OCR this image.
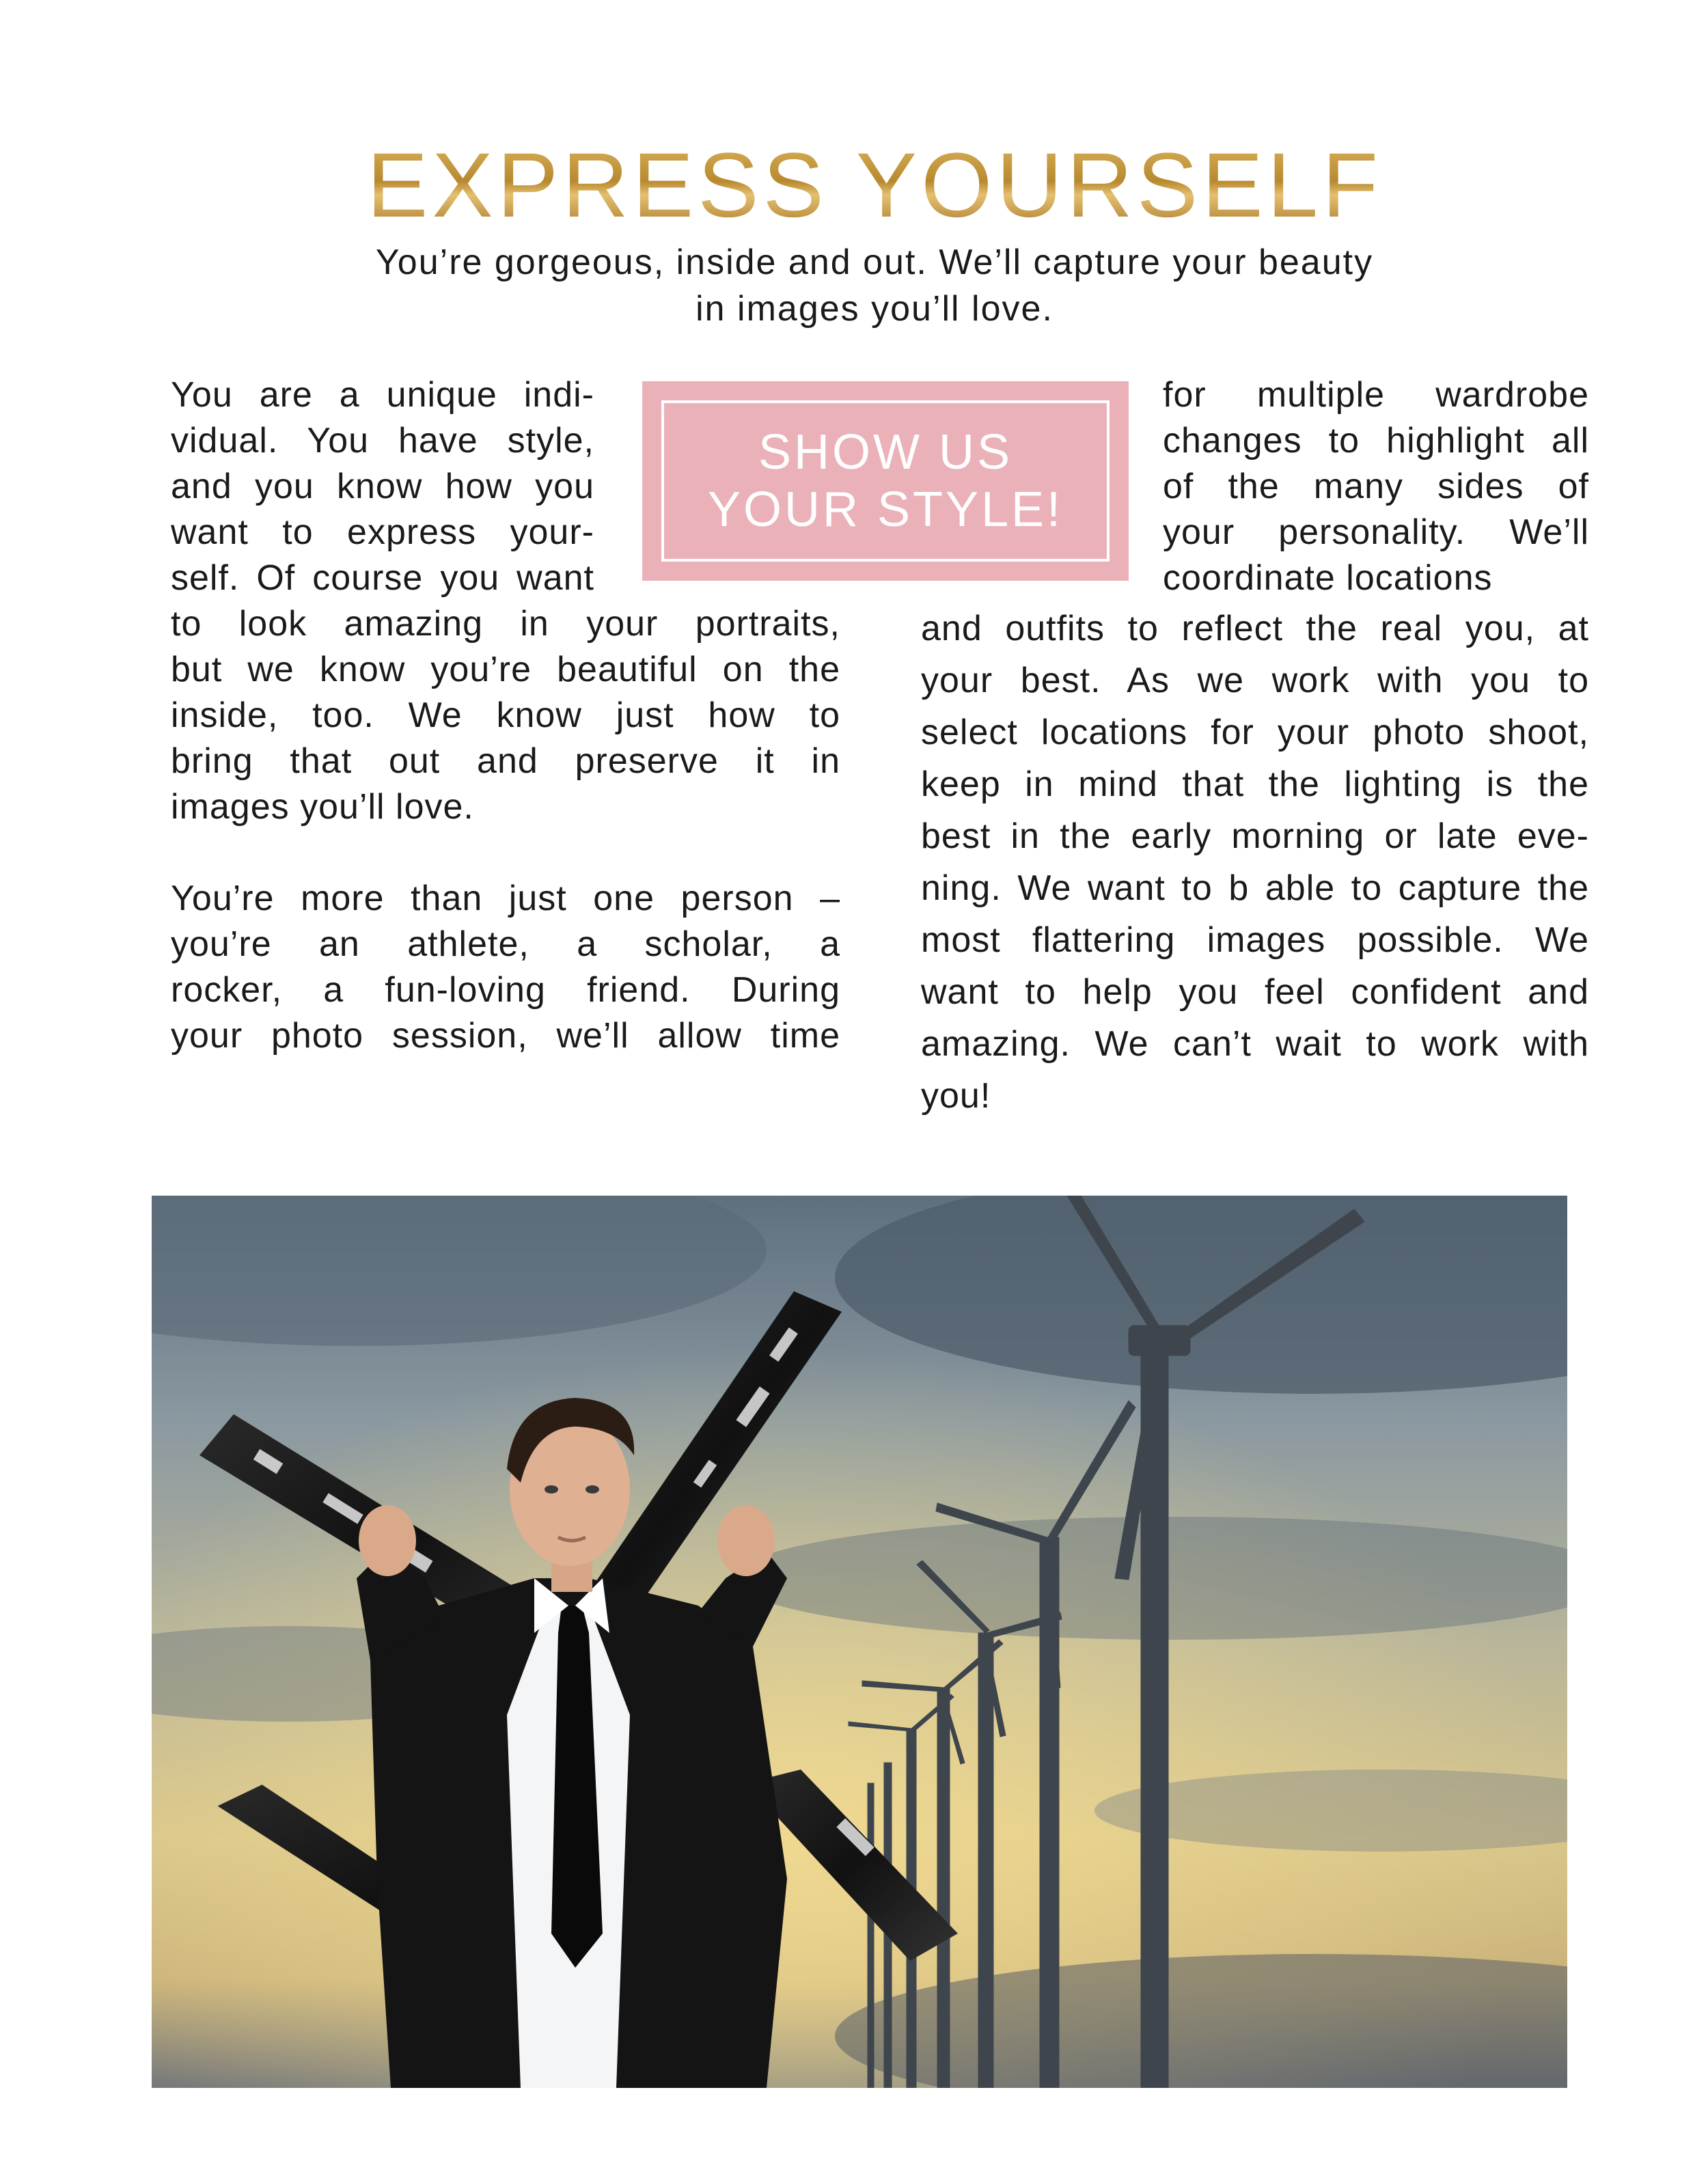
EXPRESS YOURSELF
You’re gorgeous, inside and out. We’ll capture your beauty
in images you’ll love.
You are a unique indi-
vidual. You have style,
and you know how you
want to express your-
self. Of course you want
to look amazing in your portraits,
but we know you’re beautiful on the
inside, too. We know just how to
bring that out and preserve it in
images you’ll love.
You’re more than just one person –
you’re an athlete, a scholar, a
rocker, a fun-loving friend. During
your photo session, we’ll allow time
SHOW US
YOUR STYLE!
for multiple wardrobe
changes to highlight all
of the many sides of
your personality. We’ll
coordinate locations
and outfits to reflect the real you, at
your best. As we work with you to
select locations for your photo shoot,
keep in mind that the lighting is the
best in the early morning or late eve-
ning. We want to b able to capture the
most flattering images possible. We
want to help you feel confident and
amazing. We can’t wait to work with
you!
